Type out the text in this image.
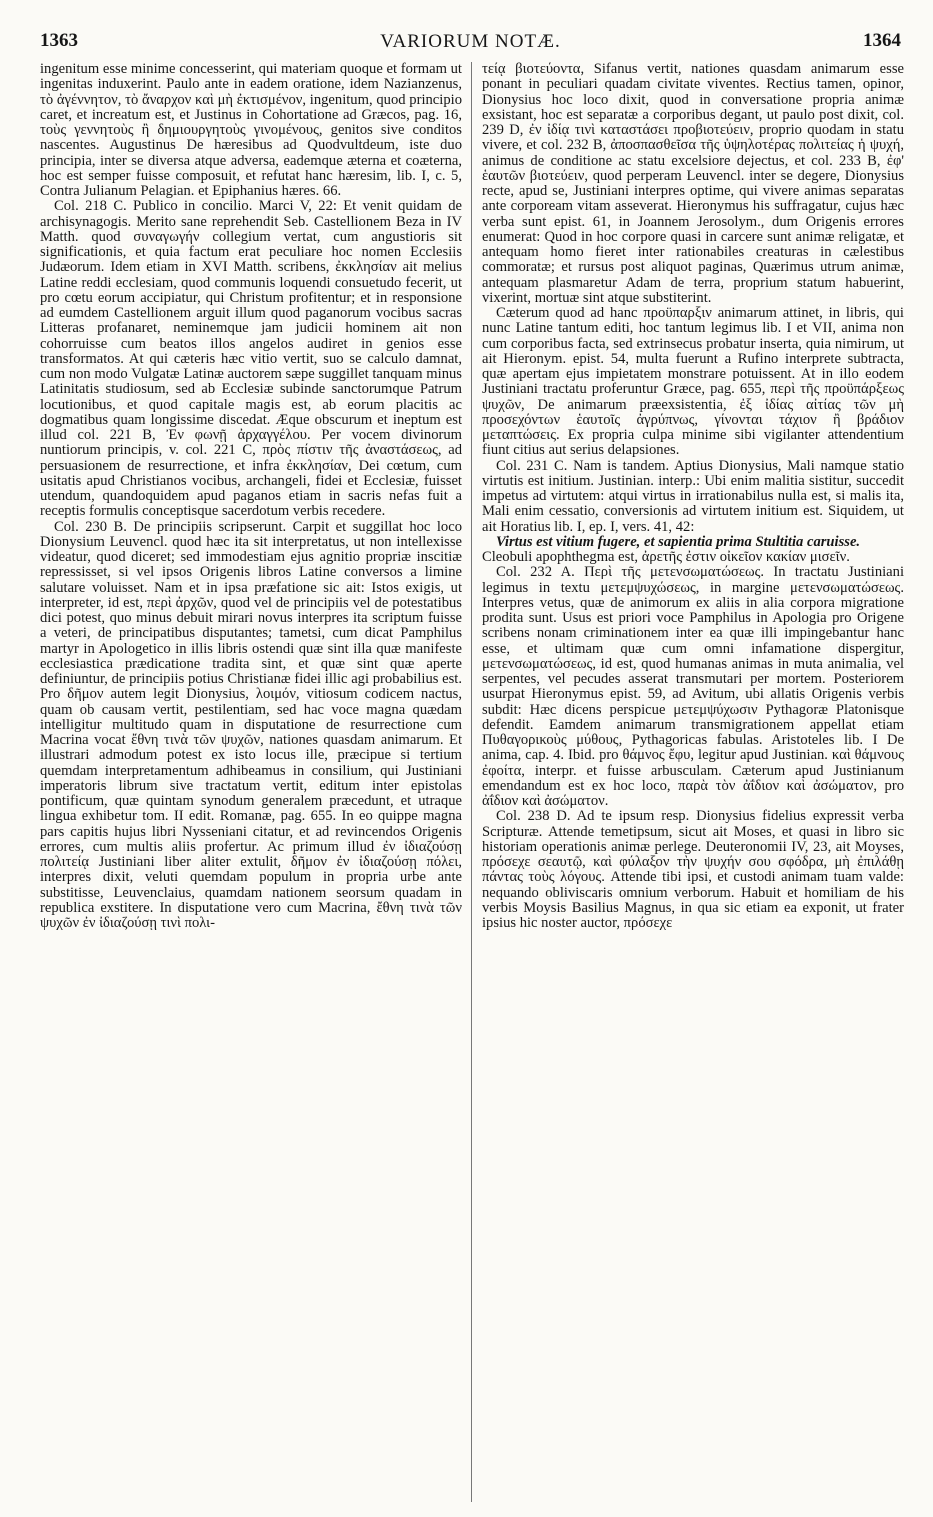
1363	VARIORUM NOTÆ.	1364

ingenitum esse minime concesserint, qui materiam quoque et formam ut ingenitas induxerint. Paulo ante in eadem oratione, idem Nazianzenus, τὸ ἀγέννητον, τὸ ἄναρχον καὶ μὴ ἐκτισμένον, ingenitum, quod principio caret, et increatum est, et Justinus in Cohortatione ad Græcos, pag. 16, τοὺς γεννητοὺς ἢ δημιουργητοὺς γινομένους, genitos sive conditos nascentes. Augustinus De hæresibus ad Quodvultdeum, iste duo principia, inter se diversa atque adversa, eademque æterna et coæterna, hoc est semper fuisse composuit, et refutat hanc hæresim, lib. I, c. 5, Contra Julianum Pelagian. et Epiphanius hæres. 66.

Col. 218 C. Publico in concilio. Marci V, 22: Et venit quidam de archisynagogis. Merito sane reprehendit Seb. Castellionem Beza in IV Matth. quod συναγωγήν collegium vertat, cum angustioris sit significationis, et quia factum erat peculiare hoc nomen Ecclesiis Judæorum. Idem etiam in XVI Matth. scribens, ἐκκλησίαν ait melius Latine reddi ecclesiam, quod communis loquendi consuetudo fecerit, ut pro cœtu eorum accipiatur, qui Christum profitentur; et in responsione ad eumdem Castellionem arguit illum quod paganorum vocibus sacras Litteras profanaret, neminemque jam judicii hominem ait non cohorruisse cum beatos illos angelos audiret in genios esse transformatos. At qui cæteris hæc vitio vertit, suo se calculo damnat, cum non modo Vulgatæ Latinæ auctorem sæpe suggillet tanquam minus Latinitatis studiosum, sed ab Ecclesiæ subinde sanctorumque Patrum locutionibus, et quod capitale magis est, ab eorum placitis ac dogmatibus quam longissime discedat. Æque obscurum et ineptum est illud col. 221 B, Ἐν φωνῇ ἀρχαγγέλου. Per vocem divinorum nuntiorum principis, v. col. 221 C, πρὸς πίστιν τῆς ἀναστάσεως, ad persuasionem de resurrectione, et infra ἐκκλησίαν, Dei cœtum, cum usitatis apud Christianos vocibus, archangeli, fidei et Ecclesiæ, fuisset utendum, quandoquidem apud paganos etiam in sacris nefas fuit a receptis formulis conceptisque sacerdotum verbis recedere.

Col. 230 B. De principiis scripserunt. Carpit et suggillat hoc loco Dionysium Leuvencl. quod hæc ita sit interpretatus, ut non intellexisse videatur, quod diceret; sed immodestiam ejus agnitio propriæ inscitiæ repressisset, si vel ipsos Origenis libros Latine conversos a limine salutare voluisset. Nam et in ipsa præfatione sic ait: Istos exigis, ut interpreter, id est, περὶ ἀρχῶν, quod vel de principiis vel de potestatibus dici potest, quo minus debuit mirari novus interpres ita scriptum fuisse a veteri, de principatibus disputantes; tametsi, cum dicat Pamphilus martyr in Apologetico in illis libris ostendi quæ sint illa quæ manifeste ecclesiastica prædicatione tradita sint, et quæ sint quæ aperte definiuntur, de principiis potius Christianæ fidei illic agi probabilius est. Pro δῆμον autem legit Dionysius, λοιμόν, vitiosum codicem nactus, quam ob causam vertit, pestilentiam, sed hac voce magna quædam intelligitur multitudo quam in disputatione de resurrectione cum Macrina vocat ἔθνη τινὰ τῶν ψυχῶν, nationes quasdam animarum. Et illustrari admodum potest ex isto locus ille, præcipue si tertium quemdam interpretamentum adhibeamus in consilium, qui Justiniani imperatoris librum sive tractatum vertit, editum inter epistolas pontificum, quæ quintam synodum generalem præcedunt, et utraque lingua exhibetur tom. II edit. Romanæ, pag. 655. In eo quippe magna pars capitis hujus libri Nysseniani citatur, et ad revincendos Origenis errores, cum multis aliis profertur. Ac primum illud ἐν ἰδιαζούσῃ πολιτείᾳ Justiniani liber aliter extulit, δῆμον ἐν ἰδιαζούσῃ πόλει, interpres dixit, veluti quemdam populum in propria urbe ante substitisse, Leuvenclaius, quamdam nationem seorsum quadam in republica exstitere. In disputatione vero cum Macrina, ἔθνη τινὰ τῶν ψυχῶν ἐν ἰδιαζούσῃ τινὶ πολι-

τείᾳ βιοτεύοντα, Sifanus vertit, nationes quasdam animarum esse ponant in peculiari quadam civitate viventes. Rectius tamen, opinor, Dionysius hoc loco dixit, quod in conversatione propria animæ exsistant, hoc est separatæ a corporibus degant, ut paulo post dixit, col. 239 D, ἐν ἰδίᾳ τινὶ καταστάσει προβιοτεύειν, proprio quodam in statu vivere, et col. 232 B, ἀποσπασθεῖσα τῆς ὑψηλοτέρας πολιτείας ἡ ψυχή, animus de conditione ac statu excelsiore dejectus, et col. 233 B, ἐφ' ἑαυτῶν βιοτεύειν, quod perperam Leuvencl. inter se degere, Dionysius recte, apud se, Justiniani interpres optime, qui vivere animas separatas ante corpoream vitam asseverat. Hieronymus his suffragatur, cujus hæc verba sunt epist. 61, in Joannem Jerosolym., dum Origenis errores enumerat: Quod in hoc corpore quasi in carcere sunt animæ religatæ, et antequam homo fieret inter rationabiles creaturas in cælestibus commoratæ; et rursus post aliquot paginas, Quærimus utrum animæ, antequam plasmaretur Adam de terra, proprium statum habuerint, vixerint, mortuæ sint atque substiterint.

Cæterum quod ad hanc προϋπαρξιν animarum attinet, in libris, qui nunc Latine tantum editi, hoc tantum legimus lib. I et VII, anima non cum corporibus facta, sed extrinsecus probatur inserta, quia nimirum, ut ait Hieronym. epist. 54, multa fuerunt a Rufino interprete subtracta, quæ apertam ejus impietatem monstrare potuissent. At in illo eodem Justiniani tractatu proferuntur Græce, pag. 655, περὶ τῆς προϋπάρξεως ψυχῶν, De animarum præexsistentia, ἐξ ἰδίας αἰτίας τῶν μὴ προσεχόντων ἑαυτοῖς ἀγρύπνως, γίνονται τάχιον ἢ βράδιον μεταπτώσεις. Ex propria culpa minime sibi vigilanter attendentium fiunt citius aut serius delapsiones.

Col. 231 C. Nam is tandem. Aptius Dionysius, Mali namque statio virtutis est initium. Justinian. interp.: Ubi enim malitia sistitur, succedit impetus ad virtutem: atqui virtus in irrationabilus nulla est, si malis ita, Mali enim cessatio, conversionis ad virtutem initium est. Siquidem, ut ait Horatius lib. I, ep. I, vers. 41, 42:

Virtus est vitium fugere, et sapientia prima Stultitia caruisse.

Cleobuli apophthegma est, ἀρετῆς ἐστιν οἰκεῖον κακίαν μισεῖν.

Col. 232 A. Περὶ τῆς μετενσωματώσεως. In tractatu Justiniani legimus in textu μετεμψυχώσεως, in margine μετενσωματώσεως. Interpres vetus, quæ de animorum ex aliis in alia corpora migratione prodita sunt. Usus est priori voce Pamphilus in Apologia pro Origene scribens nonam criminationem inter ea quæ illi impingebantur hanc esse, et ultimam quæ cum omni infamatione dispergitur, μετενσωματώσεως, id est, quod humanas animas in muta animalia, vel serpentes, vel pecudes asserat transmutari per mortem. Posteriorem usurpat Hieronymus epist. 59, ad Avitum, ubi allatis Origenis verbis subdit: Hæc dicens perspicue μετεμψύχωσιν Pythagoræ Platonisque defendit. Eamdem animarum transmigrationem appellat etiam Πυθαγορικοὺς μύθους, Pythagoricas fabulas. Aristoteles lib. I De anima, cap. 4. Ibid. pro θάμνος ἔφυ, legitur apud Justinian. καὶ θάμνους ἐφοίτα, interpr. et fuisse arbusculam. Cæterum apud Justinianum emendandum est ex hoc loco, παρὰ τὸν ἀΐδιον καὶ ἀσώματον, pro ἀΐδιον καὶ ἀσώματον.

Col. 238 D. Ad te ipsum resp. Dionysius fidelius expressit verba Scripturæ. Attende temetipsum, sicut ait Moses, et quasi in libro sic historiam operationis animæ perlege. Deuteronomii IV, 23, ait Moyses, πρόσεχε σεαυτῷ, καὶ φύλαξον τὴν ψυχήν σου σφόδρα, μὴ ἐπιλάθῃ πάντας τοὺς λόγους. Attende tibi ipsi, et custodi animam tuam valde: nequando obliviscaris omnium verborum. Habuit et homiliam de his verbis Moysis Basilius Magnus, in qua sic etiam ea exponit, ut frater ipsius hic noster auctor, πρόσεχε
